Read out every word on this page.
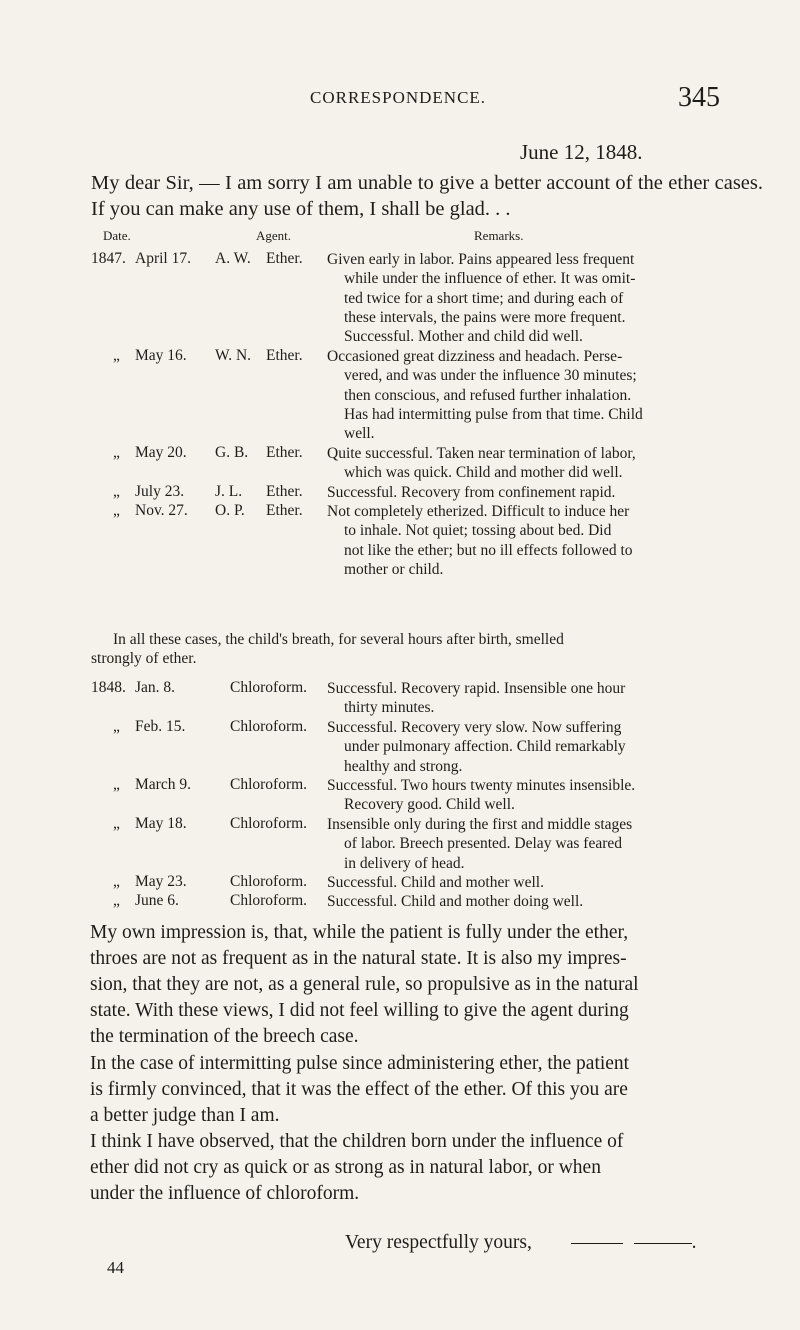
CORRESPONDENCE.	345
June 12, 1848.
My dear Sir, — I am sorry I am unable to give a better account of the ether cases. If you can make any use of them, I shall be glad. . .
Date.	Agent.	Remarks.
1847. April 17. A. W. Ether. Given early in labor. Pains appeared less frequent
while under the influence of ether. It was omit-
ted twice for a short time; and during each of
these intervals, the pains were more frequent.
Successful. Mother and child did well.
„ May 16. W. N. Ether. Occasioned great dizziness and headach. Perse-
vered, and was under the influence 30 minutes;
then conscious, and refused further inhalation.
Has had intermitting pulse from that time. Child
well.
„ May 20. G. B. Ether. Quite successful. Taken near termination of labor,
which was quick. Child and mother did well.
„ July 23. J. L. Ether. Successful. Recovery from confinement rapid.
„ Nov. 27. O. P. Ether. Not completely etherized. Difficult to induce her
to inhale. Not quiet; tossing about bed. Did
not like the ether; but no ill effects followed to
mother or child.
In all these cases, the child's breath, for several hours after birth, smelled
strongly of ether.
1848. Jan. 8.	Chloroform. Successful. Recovery rapid. Insensible one hour
thirty minutes.
„ Feb. 15.	Chloroform. Successful. Recovery very slow. Now suffering
under pulmonary affection. Child remarkably
healthy and strong.
„ March 9.	Chloroform. Successful. Two hours twenty minutes insensible.
Recovery good. Child well.
„ May 18.	Chloroform. Insensible only during the first and middle stages
of labor. Breech presented. Delay was feared
in delivery of head.
„ May 23.	Chloroform. Successful. Child and mother well.
„ June 6.	Chloroform. Successful. Child and mother doing well.
My own impression is, that, while the patient is fully under the ether,
throes are not as frequent as in the natural state. It is also my impres-
sion, that they are not, as a general rule, so propulsive as in the natural
state. With these views, I did not feel willing to give the agent during
the termination of the breech case.
In the case of intermitting pulse since administering ether, the patient
is firmly convinced, that it was the effect of the ether. Of this you are
a better judge than I am.
I think I have observed, that the children born under the influence of
ether did not cry as quick or as strong as in natural labor, or when
under the influence of chloroform.
Very respectfully yours,	.
44
